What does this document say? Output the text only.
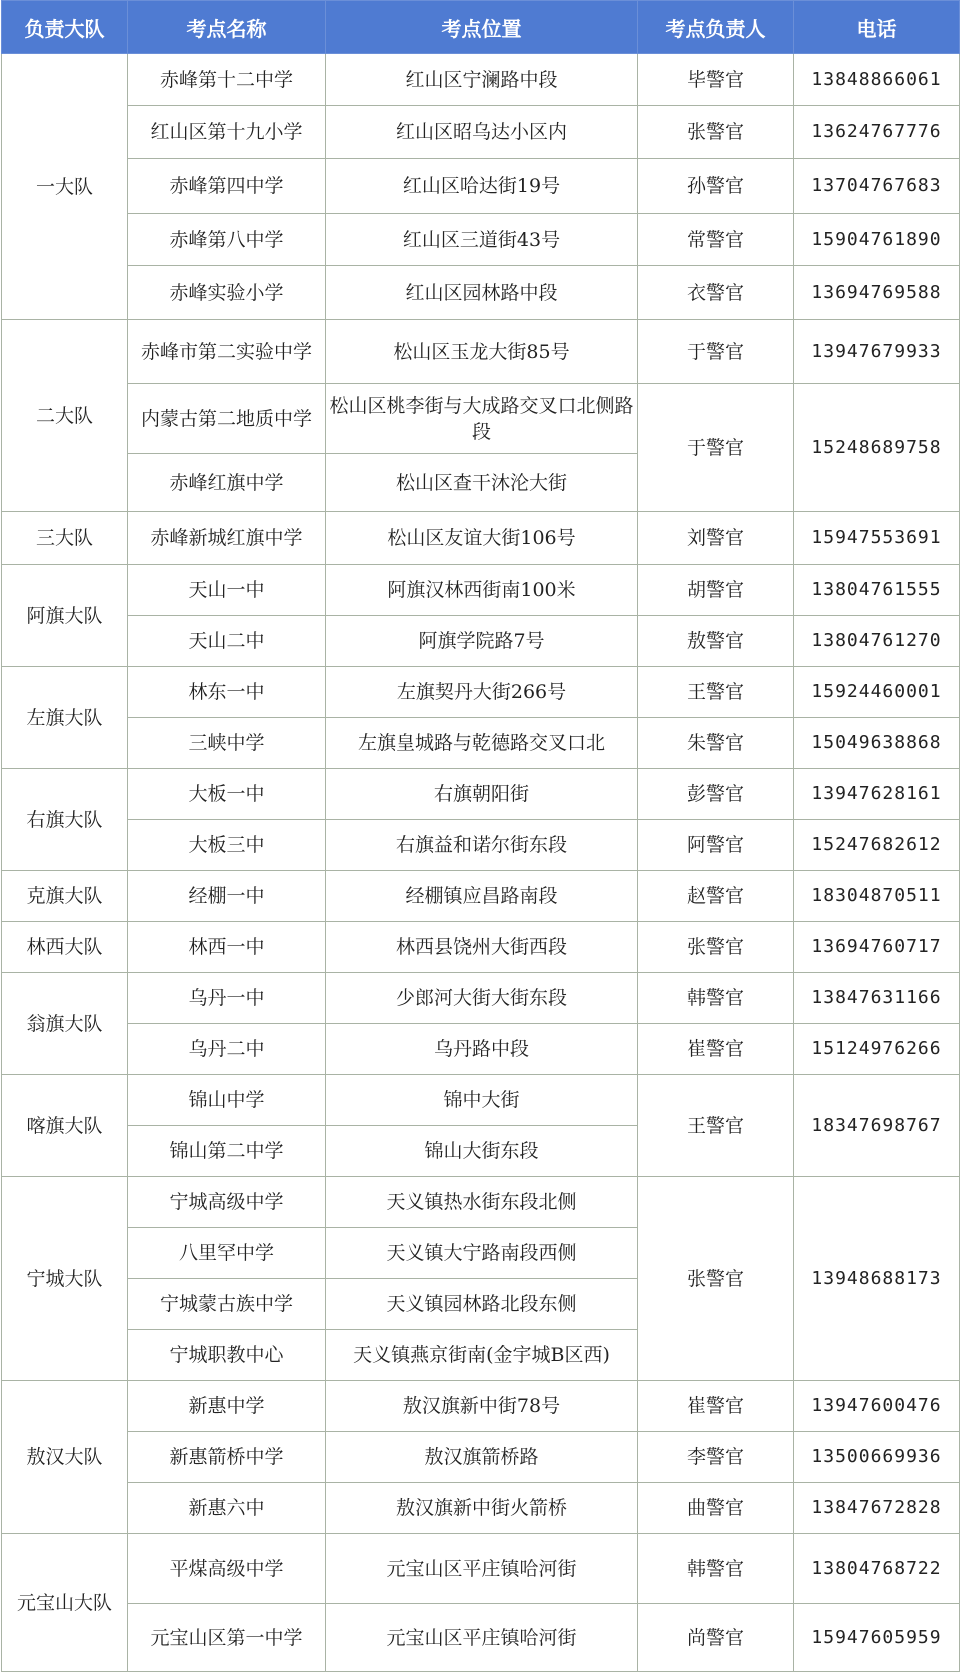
负责大队	考点名称	考点位置	考点负责人	电话
一大队	赤峰第十二中学	红山区宁澜路中段	毕警官	13848866061
	红山区第十九小学	红山区昭乌达小区内	张警官	13624767776
	赤峰第四中学	红山区哈达街19号	孙警官	13704767683
	赤峰第八中学	红山区三道街43号	常警官	15904761890
	赤峰实验小学	红山区园林路中段	衣警官	13694769588
二大队	赤峰市第二实验中学	松山区玉龙大街85号	于警官	13947679933
	内蒙古第二地质中学	松山区桃李街与大成路交叉口北侧路段	于警官	15248689758
	赤峰红旗中学	松山区查干沐沦大街		
三大队	赤峰新城红旗中学	松山区友谊大街106号	刘警官	15947553691
阿旗大队	天山一中	阿旗汉林西街南100米	胡警官	13804761555
	天山二中	阿旗学院路7号	敖警官	13804761270
左旗大队	林东一中	左旗契丹大街266号	王警官	15924460001
	三峡中学	左旗皇城路与乾德路交叉口北	朱警官	15049638868
右旗大队	大板一中	右旗朝阳街	彭警官	13947628161
	大板三中	右旗益和诺尔街东段	阿警官	15247682612
克旗大队	经棚一中	经棚镇应昌路南段	赵警官	18304870511
林西大队	林西一中	林西县饶州大街西段	张警官	13694760717
翁旗大队	乌丹一中	少郎河大街大街东段	韩警官	13847631166
	乌丹二中	乌丹路中段	崔警官	15124976266
喀旗大队	锦山中学	锦中大街	王警官	18347698767
	锦山第二中学	锦山大街东段		
宁城大队	宁城高级中学	天义镇热水街东段北侧	张警官	13948688173
	八里罕中学	天义镇大宁路南段西侧		
	宁城蒙古族中学	天义镇园林路北段东侧		
	宁城职教中心	天义镇燕京街南(金宇城B区西)		
敖汉大队	新惠中学	敖汉旗新中街78号	崔警官	13947600476
	新惠箭桥中学	敖汉旗箭桥路	李警官	13500669936
	新惠六中	敖汉旗新中街火箭桥	曲警官	13847672828
元宝山大队	平煤高级中学	元宝山区平庄镇哈河街	韩警官	13804768722
	元宝山区第一中学	元宝山区平庄镇哈河街	尚警官	15947605959
